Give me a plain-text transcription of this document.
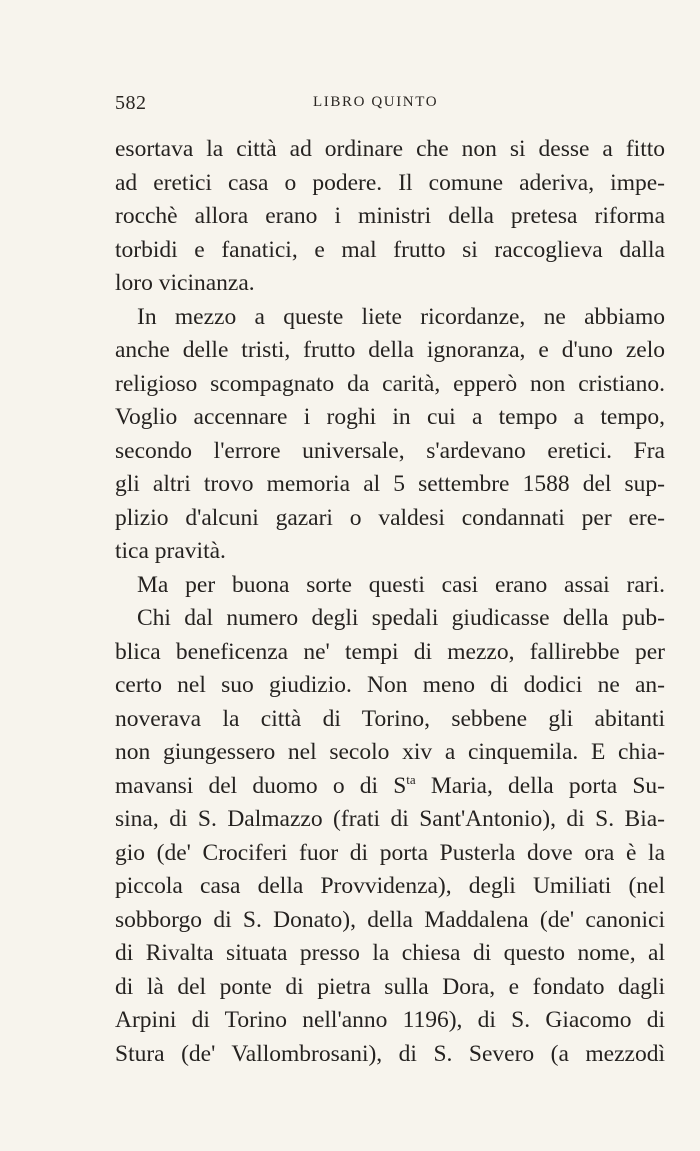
582	LIBRO QUINTO
esortava la città ad ordinare che non si desse a fitto
ad eretici casa o podere. Il comune aderiva, impe-
rocchè allora erano i ministri della pretesa riforma
torbidi e fanatici, e mal frutto si raccoglieva dalla
loro vicinanza.
In mezzo a queste liete ricordanze, ne abbiamo
anche delle tristi, frutto della ignoranza, e d'uno zelo
religioso scompagnato da carità, epperò non cristiano.
Voglio accennare i roghi in cui a tempo a tempo,
secondo l'errore universale, s'ardevano eretici. Fra
gli altri trovo memoria al 5 settembre 1588 del sup-
plizio d'alcuni gazari o valdesi condannati per ere-
tica pravità.
Ma per buona sorte questi casi erano assai rari.
Chi dal numero degli spedali giudicasse della pub-
blica beneficenza ne' tempi di mezzo, fallirebbe per
certo nel suo giudizio. Non meno di dodici ne an-
noverava la città di Torino, sebbene gli abitanti
non giungessero nel secolo xiv a cinquemila. E chia-
mavansi del duomo o di $S^{ta}$ Maria, della porta Su-
sina, di S. Dalmazzo (frati di Sant'Antonio), di S. Bia-
gio (de' Crociferi fuor di porta Pusterla dove ora è la
piccola casa della Provvidenza), degli Umiliati (nel
sobborgo di S. Donato), della Maddalena (de' canonici
di Rivalta situata presso la chiesa di questo nome, al
di là del ponte di pietra sulla Dora, e fondato dagli
Arpini di Torino nell'anno 1196), di S. Giacomo di
Stura (de' Vallombrosani), di S. Severo (a mezzodì
